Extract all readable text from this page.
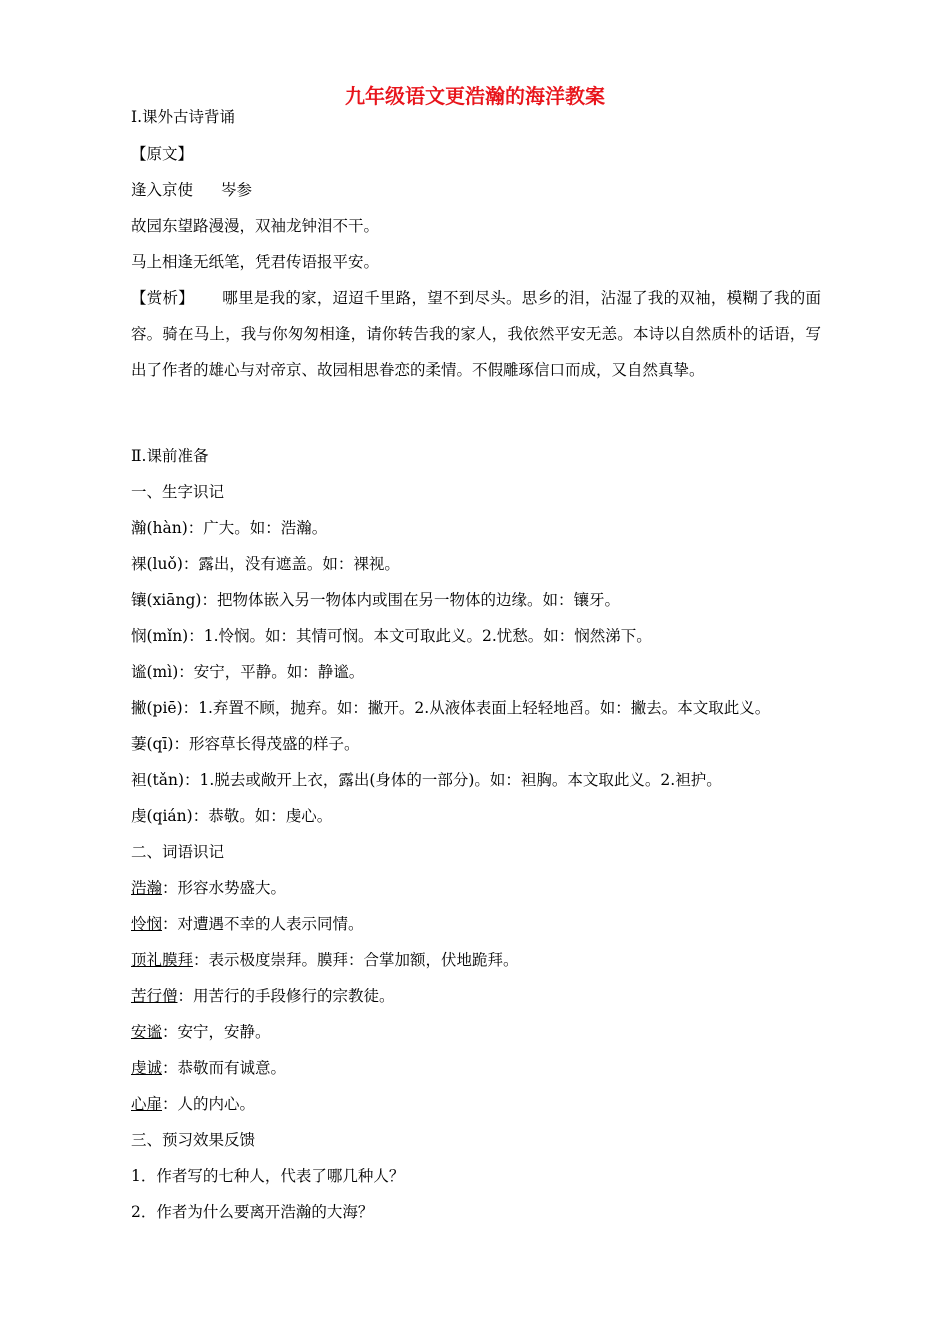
九年级语文更浩瀚的海洋教案
Ⅰ.课外古诗背诵
【原文】
逢入京使 岑参
故园东望路漫漫，双袖龙钟泪不干。
马上相逢无纸笔，凭君传语报平安。
【赏析】 哪里是我的家，迢迢千里路，望不到尽头。思乡的泪，沾湿了我的双袖，模糊了我的面容。骑在马上，我与你匆匆相逢，请你转告我的家人，我依然平安无恙。本诗以自然质朴的话语，写出了作者的雄心与对帝京、故园相思眷恋的柔情。不假雕琢信口而成，又自然真挚。
Ⅱ.课前准备
一、生字识记
瀚(hàn)：广大。如：浩瀚。
裸(luǒ)：露出，没有遮盖。如：裸视。
镶(xiāng)：把物体嵌入另一物体内或围在另一物体的边缘。如：镶牙。
悯(mǐn)：1.怜悯。如：其情可悯。本文可取此义。2.忧愁。如：悯然涕下。
谧(mì)：安宁，平静。如：静谧。
撇(piē)：1.弃置不顾，抛弃。如：撇开。2.从液体表面上轻轻地舀。如：撇去。本文取此义。
萋(qī)：形容草长得茂盛的样子。
袒(tǎn)：1.脱去或敞开上衣，露出(身体的一部分)。如：袒胸。本文取此义。2.袒护。
虔(qián)：恭敬。如：虔心。
二、词语识记
浩瀚：形容水势盛大。
怜悯：对遭遇不幸的人表示同情。
顶礼膜拜：表示极度崇拜。膜拜：合掌加额，伏地跪拜。
苦行僧：用苦行的手段修行的宗教徒。
安谧：安宁，安静。
虔诚：恭敬而有诚意。
心扉：人的内心。
三、预习效果反馈
1．作者写的七种人，代表了哪几种人？
2．作者为什么要离开浩瀚的大海？
